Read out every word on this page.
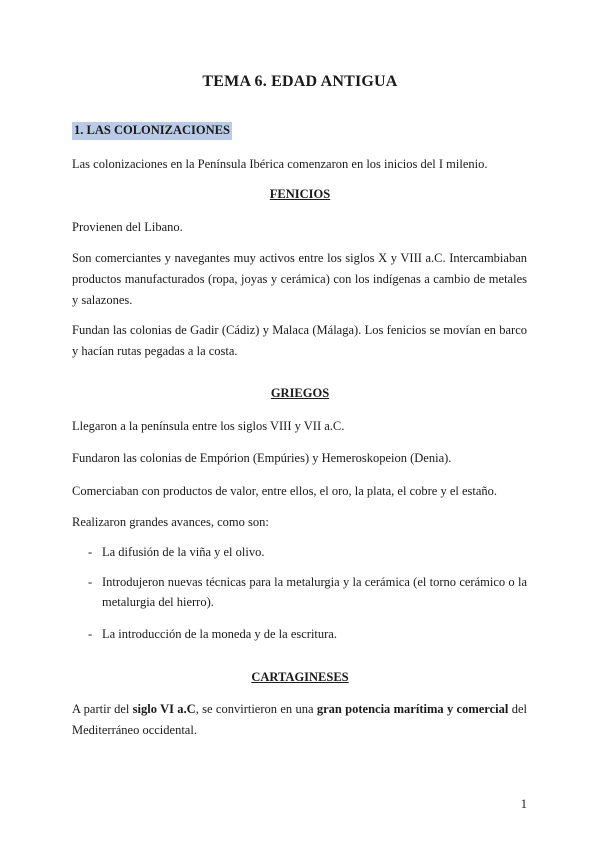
TEMA 6. EDAD ANTIGUA
1. LAS COLONIZACIONES
Las colonizaciones en la Península Ibérica comenzaron en los inicios del I milenio.
FENICIOS
Provienen del Libano.
Son comerciantes y navegantes muy activos entre los siglos X y VIII a.C. Intercambiaban productos manufacturados (ropa, joyas y cerámica) con los indígenas a cambio de metales y salazones.
Fundan las colonias de Gadir (Cádiz) y Malaca (Málaga). Los fenicios se movían en barco y hacían rutas pegadas a la costa.
GRIEGOS
Llegaron a la península entre los siglos VIII y VII a.C.
Fundaron las colonias de Empórion (Empúries) y Hemeroskopeion (Denia).
Comerciaban con productos de valor, entre ellos, el oro, la plata, el cobre y el estaño.
Realizaron grandes avances, como son:
- La difusión de la viña y el olivo.
- Introdujeron nuevas técnicas para la metalurgia y la cerámica (el torno cerámico o la metalurgia del hierro).
- La introducción de la moneda y de la escritura.
CARTAGINESES
A partir del siglo VI a.C, se convirtieron en una gran potencia marítima y comercial del Mediterráneo occidental.
1
